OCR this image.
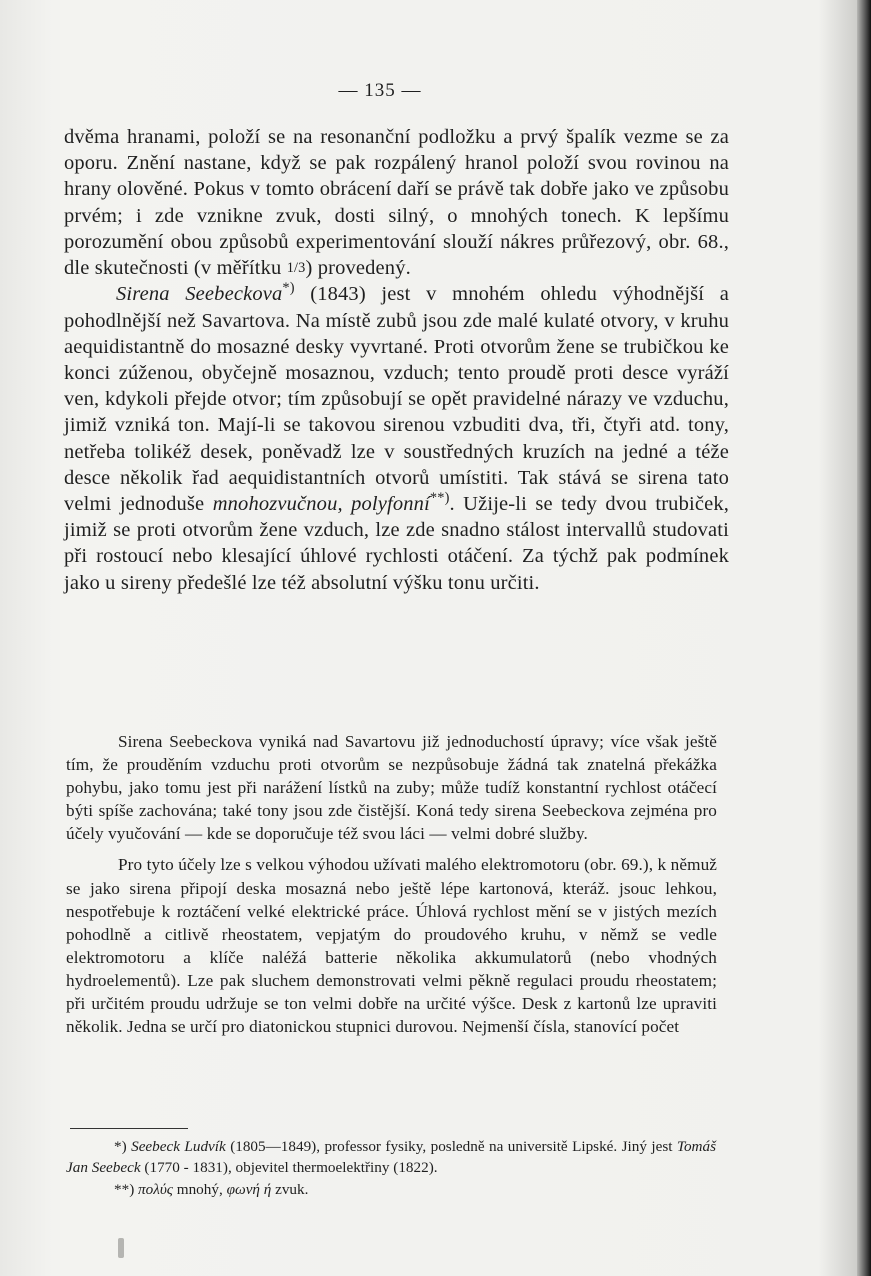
— 135 —

dvěma hranami, položí se na resonanční podložku a prvý špalík vezme se za oporu. Znění nastane, když se pak rozpálený hranol položí svou rovinou na hrany olověné. Pokus v tomto obrácení daří se právě tak dobře jako ve způsobu prvém; i zde vznikne zvuk, dosti silný, o mnohých tonech. K lepšímu porozumění obou způsobů experimentování slouží nákres průřezový, obr. 68., dle skutečnosti (v měřítku 1/3) provedený.

Sirena Seebeckova*) (1843) jest v mnohém ohledu výhodnější a pohodlnější než Savartova. Na místě zubů jsou zde malé kulaté otvory, v kruhu aequidistantně do mosazné desky vyvrtané. Proti otvorům žene se trubičkou ke konci zúženou, obyčejně mosaznou, vzduch; tento proudě proti desce vyráží ven, kdykoli přejde otvor; tím způsobují se opět pravidelné nárazy ve vzduchu, jimiž vzniká ton. Mají-li se takovou sirenou vzbuditi dva, tři, čtyři atd. tony, netřeba tolikéž desek, poněvadž lze v soustředných kruzích na jedné a téže desce několik řad aequidistantních otvorů umístiti. Tak stává se sirena tato velmi jednoduše mnohozvučnou, polyfonní**). Užije-li se tedy dvou trubiček, jimiž se proti otvorům žene vzduch, lze zde snadno stálost intervallů studovati při rostoucí nebo klesající úhlové rychlosti otáčení. Za týchž pak podmínek jako u sireny předešlé lze též absolutní výšku tonu určiti.

Sirena Seebeckova vyniká nad Savartovu již jednoduchostí úpravy; více však ještě tím, že prouděním vzduchu proti otvorům se nezpůsobuje žádná tak znatelná překážka pohybu, jako tomu jest při narážení lístků na zuby; může tudíž konstantní rychlost otáčecí býti spíše zachována; také tony jsou zde čistější. Koná tedy sirena Seebeckova zejména pro účely vyučování — kde se doporučuje též svou láci — velmi dobré služby.

Pro tyto účely lze s velkou výhodou užívati malého elektromotoru (obr. 69.), k němuž se jako sirena připojí deska mosazná nebo ještě lépe kartonová, kteráž. jsouc lehkou, nespotřebuje k roztáčení velké elektrické práce. Úhlová rychlost mění se v jistých mezích pohodlně a citlivě rheostatem, vepjatým do proudového kruhu, v němž se vedle elektromotoru a klíče naléžá batterie několika akkumulatorů (nebo vhodných hydroelementů). Lze pak sluchem demonstrovati velmi pěkně regulaci proudu rheostatem; při určitém proudu udržuje se ton velmi dobře na určité výšce. Desk z kartonů lze upraviti několik. Jedna se určí pro diatonickou stupnici durovou. Nejmenší čísla, stanovící počet

*) Seebeck Ludvík (1805—1849), professor fysiky, posledně na universitě Lipské. Jiný jest Tomáš Jan Seebeck (1770 - 1831), objevitel thermoelektřiny (1822).

**) πολύς mnohý, φωνή ή zvuk.
